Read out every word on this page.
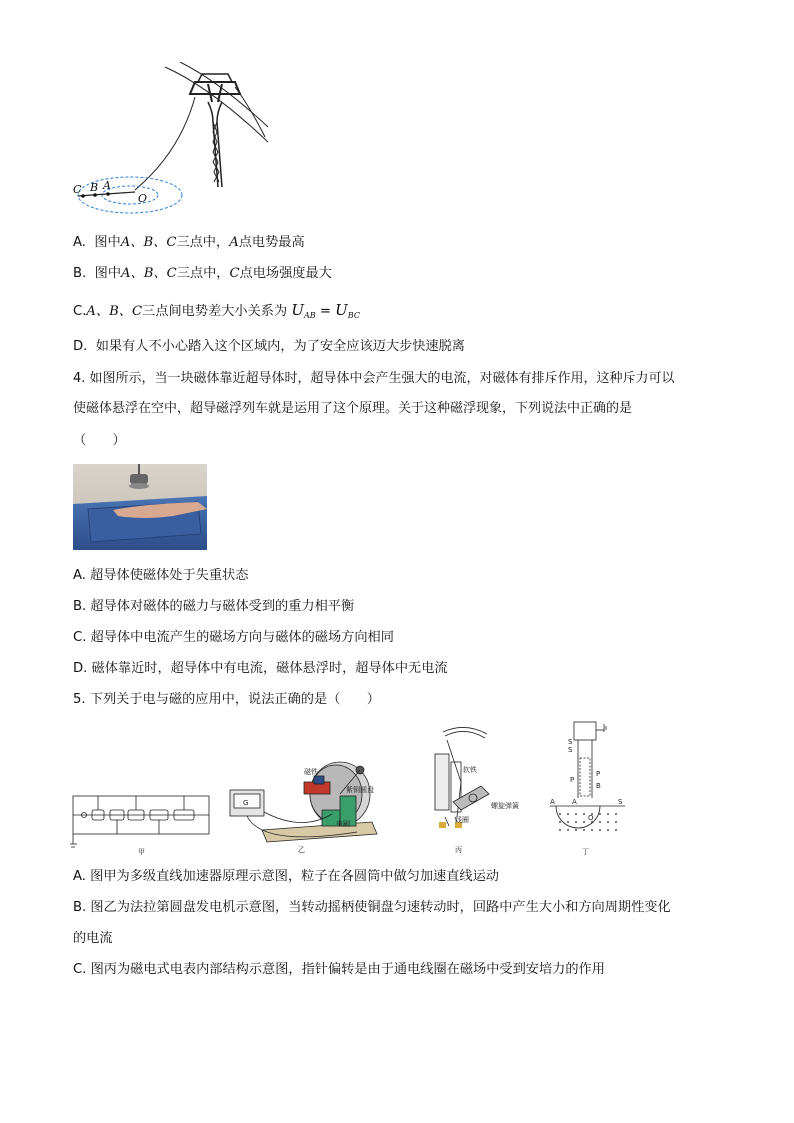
C B A
O
A. 图中A、B、C三点中，A点电势最高
B. 图中A、B、C三点中，C点电场强度最大
C.A、B、C三点间电势差大小关系为 $U_{AB} = U_{BC}$
D. 如果有人不小心踏入这个区域内，为了安全应该迈大步快速脱离
4. 如图所示，当一块磁体靠近超导体时，超导体中会产生强大的电流，对磁体有排斥作用，这种斥力可以
使磁体悬浮在空中，超导磁浮列车就是运用了这个原理。关于这种磁浮现象，下列说法中正确的是
（　　）
A. 超导体使磁体处于失重状态
B. 超导体对磁体的磁力与磁体受到的重力相平衡
C. 超导体中电流产生的磁场方向与磁体的磁场方向相同
D. 磁体靠近时，超导体中有电流，磁体悬浮时，超导体中无电流
5. 下列关于电与磁的应用中，说法正确的是（　　）
甲
磁铁
紫铜圆盘
电刷
G
乙
软铁
螺旋弹簧
线圈
丙
S
S
P
P
B
A A	S
O
丁
A. 图甲为多级直线加速器原理示意图，粒子在各圆筒中做匀加速直线运动
B. 图乙为法拉第圆盘发电机示意图，当转动摇柄使铜盘匀速转动时，回路中产生大小和方向周期性变化
的电流
C. 图丙为磁电式电表内部结构示意图，指针偏转是由于通电线圈在磁场中受到安培力的作用
